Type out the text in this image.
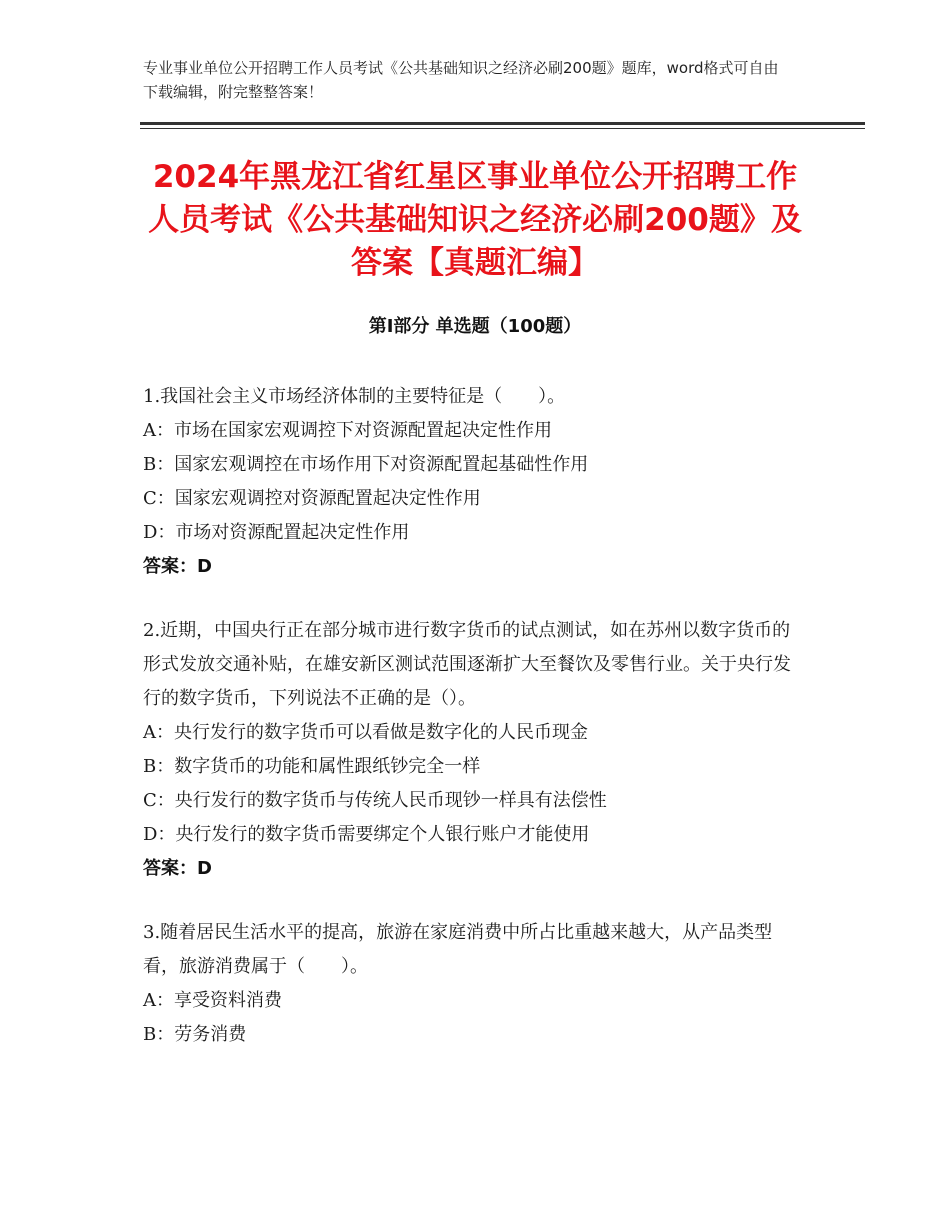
专业事业单位公开招聘工作人员考试《公共基础知识之经济必刷200题》题库，word格式可自由下载编辑，附完整整答案！
2024年黑龙江省红星区事业单位公开招聘工作人员考试《公共基础知识之经济必刷200题》及答案【真题汇编】
第Ⅰ部分 单选题（100题）
1.我国社会主义市场经济体制的主要特征是（　　）。
A：市场在国家宏观调控下对资源配置起决定性作用
B：国家宏观调控在市场作用下对资源配置起基础性作用
C：国家宏观调控对资源配置起决定性作用
D：市场对资源配置起决定性作用
答案：D
2.近期，中国央行正在部分城市进行数字货币的试点测试，如在苏州以数字货币的形式发放交通补贴，在雄安新区测试范围逐渐扩大至餐饮及零售行业。关于央行发行的数字货币，下列说法不正确的是（）。
A：央行发行的数字货币可以看做是数字化的人民币现金
B：数字货币的功能和属性跟纸钞完全一样
C：央行发行的数字货币与传统人民币现钞一样具有法偿性
D：央行发行的数字货币需要绑定个人银行账户才能使用
答案：D
3.随着居民生活水平的提高，旅游在家庭消费中所占比重越来越大，从产品类型看，旅游消费属于（　　）。
A：享受资料消费
B：劳务消费
